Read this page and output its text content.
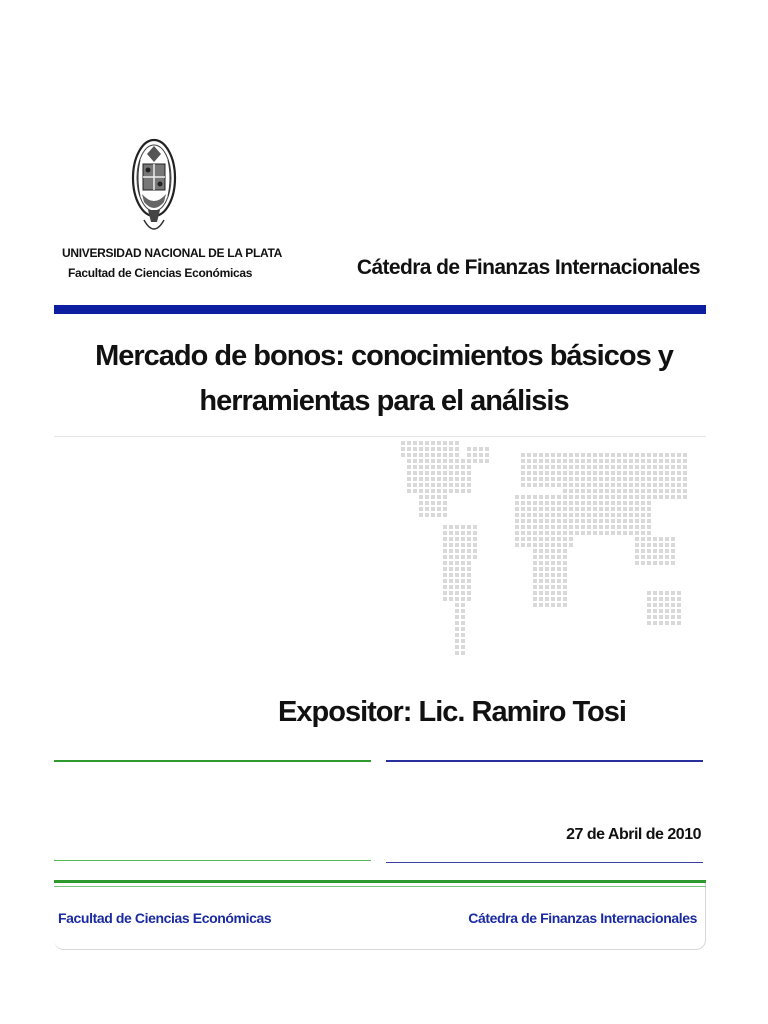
UNIVERSIDAD NACIONAL DE LA PLATA
Facultad de Ciencias Económicas	Cátedra de Finanzas Internacionales
Mercado de bonos: conocimientos básicos y
herramientas para el análisis
Expositor: Lic. Ramiro Tosi
27 de Abril de 2010
Facultad de Ciencias Económicas	Cátedra de Finanzas Internacionales
